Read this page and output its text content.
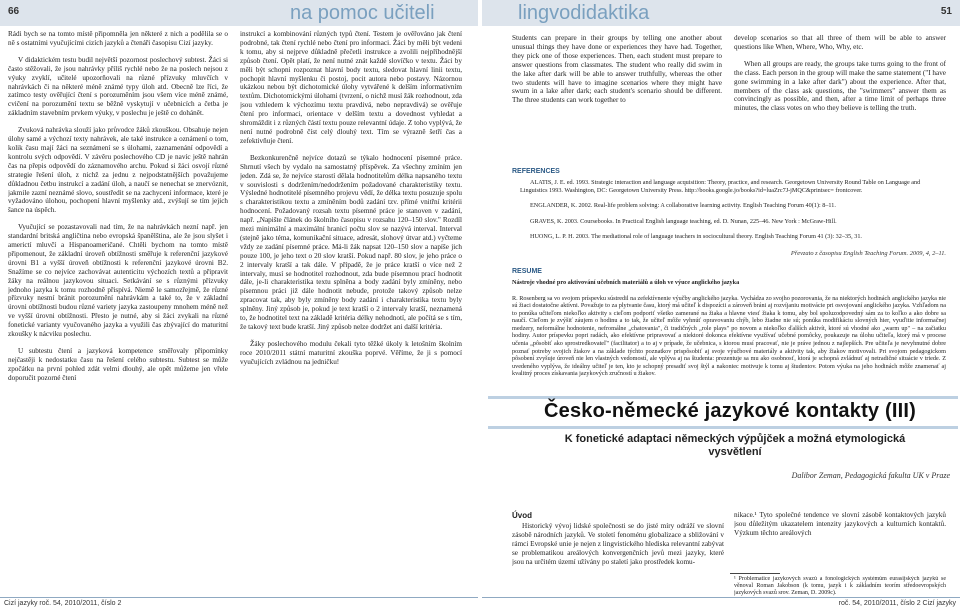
66	na pomoc učiteli	lingvodidaktika	51

Rádi bych se na tomto místě připomněla jen některé z nich a podělila se o ně s ostatními vyučujícími cizích jazyků a čtenáři časopisu Cizí jazyky.

V didaktickém testu budil největší pozornost poslechový subtest. Žáci si často stěžovali, že jsou nahrávky příliš rychlé nebo že na poslech nejsou z výuky zvyklí, učitelé upozorňovali na různé přízvuky mluvčích v nahrávkách či na některé méně známé typy úloh atd. Obecně lze říci, že zatímco testy ověřující čtení s porozuměním jsou všem více méně známé, cvičení na porozumění textu se běžně vyskytují v učebnicích a četba je základním stavebním prvkem výuky, v poslechu je ještě co dohánět.

Zvuková nahrávka slouží jako průvodce žáků zkouškou. Obsahuje nejen úlohy samé a výchozí texty nahrávek, ale také instrukce a oznámení o tom, kolik času mají žáci na seznámení se s úlohami, zaznamenání odpovědí a kontrolu svých odpovědí. V závěru poslechového CD je navíc ještě nahrán čas na přepis odpovědí do záznamového archu. Pokud si žáci osvojí různé strategie řešení úloh, z nichž za jednu z nejpodstatnějších považujeme důkladnou četbu instrukcí a zadání úloh, a naučí se nenechat se znervóznit, jakmile zazní neznámé slovo, soustředit se na zachycení informace, které je vyžadováno úlohou, pochopení hlavní myšlenky atd., zvýšují se tím jejich šance na úspěch.

Vyučující se pozastavovali nad tím, že na nahrávkách nezní např. jen standardní britská angličtina nebo evropská španělština, ale že jsou slyšet i americtí mluvčí a Hispanoameričané. Chtěli bychom na tomto místě připomenout, že základní úroveň obtížnosti směřuje k referenční jazykové úrovni B1 a vyšší úroveň obtížnosti k referenční jazykové úrovni B2. Snažíme se co nejvíce zachovávat autenticitu výchozích textů a připravit žáky na reálnou jazykovou situaci. Setkávání se s různými přízvuky jednoho jazyka k tomu rozhodně přispívá. Niemě le samozřejmě, že různé přízvuky nesmí bránit porozumění nahrávkám a také to, že v základní úrovni obtížnosti budou různé variety jazyka zastoupeny mnohem méně než ve vyšší úrovni obtížnosti. Přesto je nutné, aby si žáci zvykali na různé fonetické varianty vyučovaného jazyka a využili čas zbývající do maturitní zkoušky k nácviku poslechu.

U subtestu čtení a jazyková kompetence směřovaly připomínky nejčastěji k nedostatku času na řešení celého subtestu. Subtest se může zpočátku na první pohled zdát velmi dlouhý, ale opět můžeme jen vřele doporučit pozorné čtení

instrukcí a kombinování různých typů čtení. Testem je ověřováno jak čtení podrobné, tak čtení rychlé nebo čtení pro informaci. Žáci by měli být vedeni k tomu, aby si nejprve důkladně přečetli instrukce a zvolili nejpříhodnější způsob čtení. Opět platí, že není nutné znát každé slovíčko v textu. Žáci by měli být schopni rozpoznat hlavní body textu, sledovat hlavní linii textu, pochopit hlavní myšlenku či postoj, pocit autora nebo postavy. Názornou ukázkou nebou být dichotomické úlohy vytvářené k delším informativním textům. Dichotomickými úlohami (tvrzení, o nichž musí žák rozhodnout, zda jsou vzhledem k výchozímu textu pravdivá, nebo nepravdivá) se ověřuje čtení pro informaci, orientace v delším textu a dovednost vyhledat a shromáždit i z různých částí textu pouze relevantní údaje. Z toho vyplývá, že není nutné podrobně číst celý dlouhý text. Tím se výrazně šetří čas a zefektivňuje čtení.

Bezkonkurenčně nejvíce dotazů se týkalo hodnocení písemné práce. Shrnutí všech by vydalo na samostatný příspěvek. Za všechny zmíním jen jeden. Zdá se, že nejvíce starostí dělala hodnotitelům délka napsaného textu v souvislosti s dodržením/nedodržením požadované charakteristiky textu. Výsledné hodnotitelé písemného projevu vědí, že délka textu posuzuje spolu s charakteristikou textu a zmíněním bodů zadání tzv. přímé vnitřní kritérii hodnocení. Požadovaný rozsah textu písemné práce je stanoven v zadání, např. „Napište článek do školního časopisu v rozsahu 120–150 slov." Rozdíl mezi minimální a maximální hranicí počtu slov se nazývá interval. Interval (stejně jako téma, komunikační situace, adresát, slohový útvar atd.) vyčteme vždy ze zadání písemné práce. Má-li žák napsat 120–150 slov a napíše jich pouze 100, je jeho text o 20 slov kratší. Pokud např. 80 slov, je jeho práce o 2 intervaly kratší a tak dále. V případě, že je práce kratší o více než 2 intervaly, musí se hodnotitel rozhodnout, zda bude písemnou prací hodnotit dále, je-li charakteristika textu splněna a body zadání byly zmíněny, nebo písemnou práci již dále hodnotit nebude, protože takový způsob nelze zpracovat tak, aby byly zmíněny body zadání i charakteristika textu byly splněny. Jiný způsob je, pokud je text kratší o 2 intervaly kratší, neznamená to, že hodnotitel text na základě kritéria délky nehodnotí, ale počítá se s tím, že takový text bude kratší. Jiný způsob nelze dodržet ani další kritéria.

Žáky poslechového modulu čekali tyto těžké úkoly k letošním školním roce 2010/2011 státní maturitní zkouška poprvé. Věříme, že ji s pomocí vyučujících zvládnou na jedničku!

Cizí jazyky roč. 54, 2010/2011, číslo 2

Students can prepare in their groups by telling one another about unusual things they have done or experiences they have had. Together, they pick one of those experiences. Then, each student must prepare to answer questions from classmates. The student who really did swim in the lake after dark will be able to answer truthfully, whereas the other two students will have to imagine scenarios where they might have swum in a lake after dark; each student's scenario should be different. The three students can work together to

develop scenarios so that all three of them will be able to answer questions like When, Where, Who, Why, etc.

When all groups are ready, the groups take turns going to the front of the class. Each person in the group will make the same statement ("I have gone swimming in a lake after dark") about the experience. After that, members of the class ask questions, the "swimmers" answer them as convincingly as possible, and then, after a time limit of perhaps three minutes, the class votes on who they believe is telling the truth.

REFERENCES

ALATIS, J. E. ed. 1993. Strategic interaction and language acquisition: Theory, practice, and research. Georgetown University Round Table on Language and Linguistics 1993. Washington, DC: Georgetown University Press. http://books.google.jo/books?id=luaZrc7J-jMQC&printsec= frontcover.

ENGLANDER, K. 2002. Real-life problem solving: A collaborative learning activity. English Teaching Forum 40(1): 8–11.

GRAVES, K. 2003. Coursebooks. In Practical English language teaching, ed. D. Nunan, 225–46. New York : McGraw-Hill.

HUONG, L. P. H. 2003. The mediational role of language teachers in sociocultural theory. English Teaching Forum 41 (3): 32–35, 31.

Převzato z časopisu English Teaching Forum. 2009, 4, 2–11.
RESUMÉ

Nástroje vhodné pro aktivování učebních materiálů a úloh ve výuce anglického jazyka

R. Rosenberg sa vo svojom príspevku sústredil na zefektívnenie výučby anglického jazyka. Vychádza zo svojho pozorovania, že na niektorých hodinách anglického jazyka nie sú žiaci dostatočne aktívni. Považuje to za plytvanie času, ktorý má učiteľ k dispozícii a zároveň bráni aj rozvíjaniu motivácie pri osvojovaní anglického jazyka. Vzhľadom na to ponúka učiteľom niekoľko aktivity s cieľom podporiť všetko zamerané na žiaka a hlavne viesť žiaka k tomu, aby bol spoluzodpovedný sám za to koľko a ako dobre sa naučí. Cieľom je zvýšiť záujem o hodinu a to tak, že učiteľ môže vyhnúť opravovaniu chýb, lebo žiadne nie sú; ponúka modifikáciu slovných hier, vyuďitie informačnej medzery, neformálne hodnotenie, nefromálne „chatovania", či tradičných „role plays" po novom a niekoľko ďalších aktivít, ktoré sú vhodné ako „warm up" – na začiatku hodiny. Autor príspevku popri radách, ako efektívne pripravovať a niektoré dokonca efektívne využívať učebné pomôcky, poukazuje na úlohu učiteľa, ktorý má v procese učenia „pôsobiť ako sprostredkovateľ" (facilitator) a to aj v prípade, že učebnica, s ktorou musí pracovať, nie je práve jednou z najlepších. Pre učiteľa je nevyhnutné dobre poznať potreby svojich žiakov a na základe týchto poznatkov prispôsobiť aj svoje výučbové materiály a aktivity tak, aby žiakov motivovali. Pri svojom pedagogickom pôsobení zvyšuje úroveň nie len vlastných vedomostí, ale vplýva aj na študenta: prezentuje sa mu ako osobnosť, ktorá je schopná zvládnuť aj netradičné situácie v triede. Z uvedeného vyplýva, že ideálny učiteľ je ten, kto je schopný presadiť svoj štýl a nakoniec motivuje k tomu aj študentov. Potom výuka na jeho hodinách môže znamenať aj kvalitný proces získavania jazykových zručností u žiakov.

Česko-německé jazykové kontakty (III)
K fonetické adaptaci německých výpůjček a možná etymologická vysvětlení
Dalibor Zeman, Pedagogická fakulta UK v Praze
Úvod

Historický vývoj lidské společnosti se do jisté míry odráží ve slovní zásobě národních jazyků. Ve století fenoménu globalizace a sbližování v rámci Evropské unie je nejen z lingvistického hlediska relevantní zabývat se problematikou areálových konvergenčních jevů mezi jazyky, které jsou na určitém území užívány po staletí jako prostředek komu-

nikace.¹ Tyto společné tendence ve slovní zásobě kontaktových jazyků jsou důležitým ukazatelem intenzity jazykových a kulturních kontaktů. Výzkum těchto areálových

¹ Problematice jazykových svazů a fonologických systémům eurasijských jazyků se věnoval Roman Jakobson (k tomu, jazyk i k základním teorím středoevropských jazykových svazů srov. Zeman, D. 2009c).
roč. 54, 2010/2011, číslo 2 Cizí jazyky
